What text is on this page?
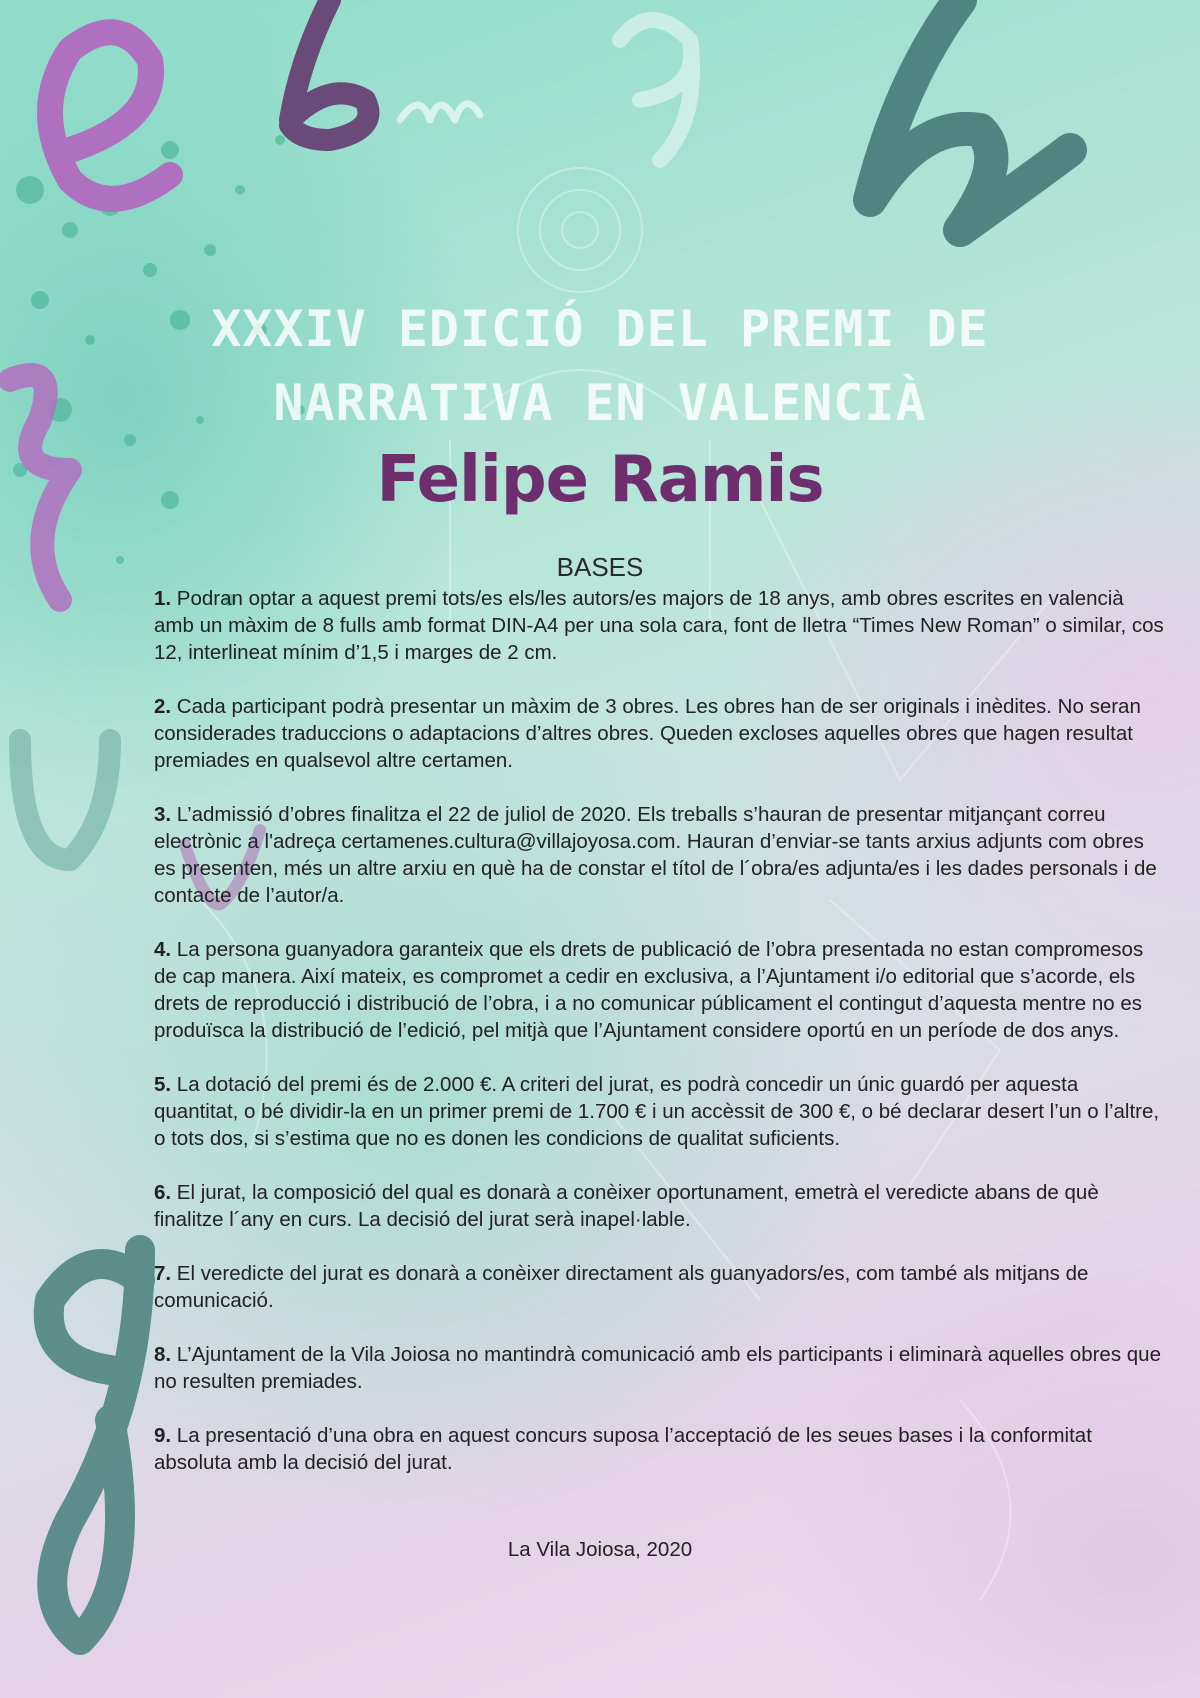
XXXIV EDICIÓ DEL PREMI DE
NARRATIVA EN VALENCIÀ
Felipe Ramis
BASES

1. Podran optar a aquest premi tots/es els/les autors/es majors de 18 anys, amb obres escrites en valencià amb un màxim de 8 fulls amb format DIN-A4 per una sola cara, font de lletra “Times New Roman” o similar, cos 12, interlineat mínim d’1,5 i marges de 2 cm.

2. Cada participant podrà presentar un màxim de 3 obres. Les obres han de ser originals i inèdites. No seran considerades traduccions o adaptacions d’altres obres. Queden excloses aquelles obres que hagen resultat premiades en qualsevol altre certamen.

3. L’admissió d’obres finalitza el 22 de juliol de 2020. Els treballs s’hauran de presentar mitjançant correu electrònic a l'adreça certamenes.cultura@villajoyosa.com. Hauran d’enviar-se tants arxius adjunts com obres es presenten, més un altre arxiu en què ha de constar el títol de l´obra/es adjunta/es i les dades personals i de contacte de l’autor/a.

4. La persona guanyadora garanteix que els drets de publicació de l’obra presentada no estan compromesos de cap manera. Així mateix, es compromet a cedir en exclusiva, a l’Ajuntament i/o editorial que s’acorde, els drets de reproducció i distribució de l’obra, i a no comunicar públicament el contingut d’aquesta mentre no es produïsca la distribució de l’edició, pel mitjà que l’Ajuntament considere oportú en un període de dos anys.

5. La dotació del premi és de 2.000 €. A criteri del jurat, es podrà concedir un únic guardó per aquesta quantitat, o bé dividir-la en un primer premi de 1.700 € i un accèssit de 300 €, o bé declarar desert l’un o l’altre, o tots dos, si s’estima que no es donen les condicions de qualitat suficients.

6. El jurat, la composició del qual es donarà a conèixer oportunament, emetrà el veredicte abans de què finalitze l´any en curs. La decisió del jurat serà inapel·lable.

7. El veredicte del jurat es donarà a conèixer directament als guanyadors/es, com també als mitjans de comunicació.

8. L’Ajuntament de la Vila Joiosa no mantindrà comunicació amb els participants i eliminarà aquelles obres que no resulten premiades.

9. La presentació d’una obra en aquest concurs suposa l’acceptació de les seues bases i la conformitat absoluta amb la decisió del jurat.

La Vila Joiosa, 2020
